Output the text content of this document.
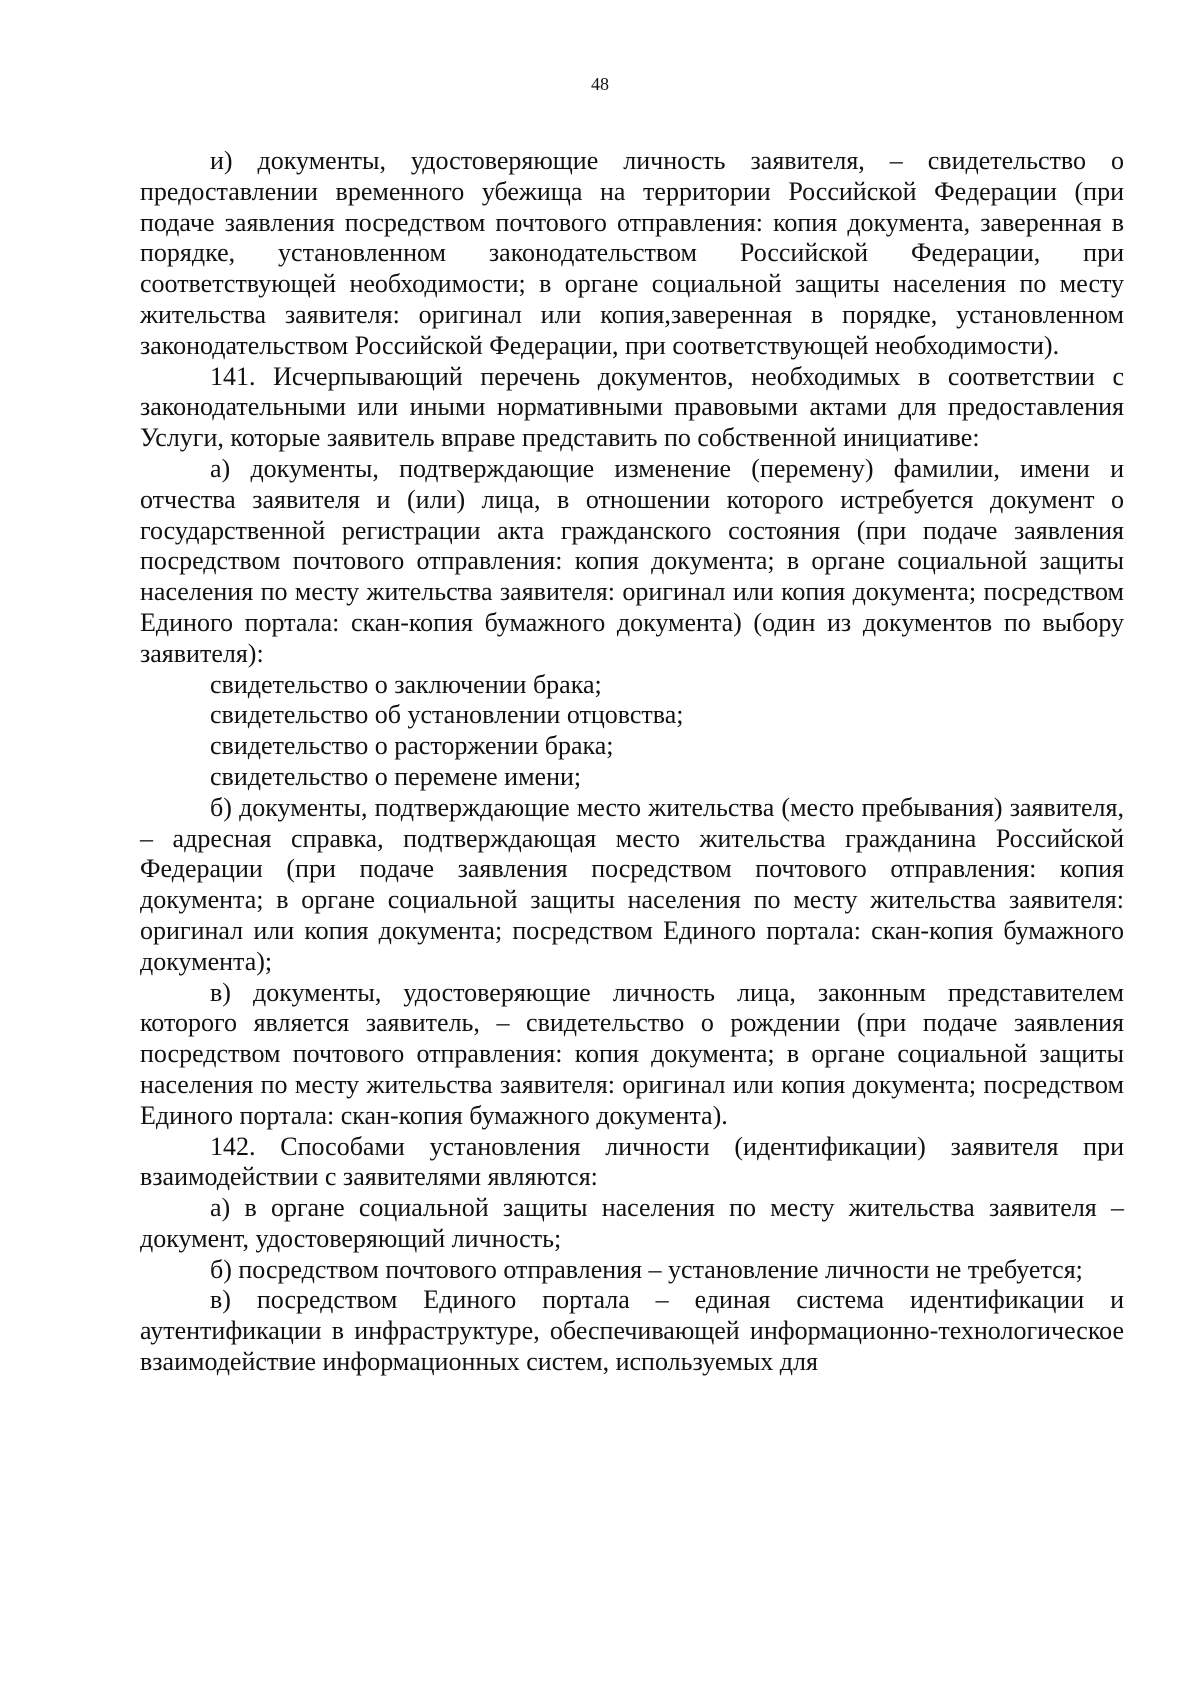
48

и) документы, удостоверяющие личность заявителя, – свидетельство о предоставлении временного убежища на территории Российской Федерации (при подаче заявления посредством почтового отправления: копия документа, заверенная в порядке, установленном законодательством Российской Федерации, при соответствующей необходимости; в органе социальной защиты населения по месту жительства заявителя: оригинал или копия,заверенная в порядке, установленном законодательством Российской Федерации, при соответствующей необходимости).

141. Исчерпывающий перечень документов, необходимых в соответствии с законодательными или иными нормативными правовыми актами для предоставления Услуги, которые заявитель вправе представить по собственной инициативе:

а) документы, подтверждающие изменение (перемену) фамилии, имени и отчества заявителя и (или) лица, в отношении которого истребуется документ о государственной регистрации акта гражданского состояния (при подаче заявления посредством почтового отправления: копия документа; в органе социальной защиты населения по месту жительства заявителя: оригинал или копия документа; посредством Единого портала: скан-копия бумажного документа) (один из документов по выбору заявителя):

свидетельство о заключении брака;

свидетельство об установлении отцовства;

свидетельство о расторжении брака;

свидетельство о перемене имени;

б) документы, подтверждающие место жительства (место пребывания) заявителя, – адресная справка, подтверждающая место жительства гражданина Российской Федерации (при подаче заявления посредством почтового отправления: копия документа; в органе социальной защиты населения по месту жительства заявителя: оригинал или копия документа; посредством Единого портала: скан-копия бумажного документа);

в) документы, удостоверяющие личность лица, законным представителем которого является заявитель, – свидетельство о рождении (при подаче заявления посредством почтового отправления: копия документа; в органе социальной защиты населения по месту жительства заявителя: оригинал или копия документа; посредством Единого портала: скан-копия бумажного документа).

142. Способами установления личности (идентификации) заявителя при взаимодействии с заявителями являются:

а) в органе социальной защиты населения по месту жительства заявителя – документ, удостоверяющий личность;

б) посредством почтового отправления – установление личности не требуется;

в) посредством Единого портала – единая система идентификации и аутентификации в инфраструктуре, обеспечивающей информационно-технологическое взаимодействие информационных систем, используемых для
